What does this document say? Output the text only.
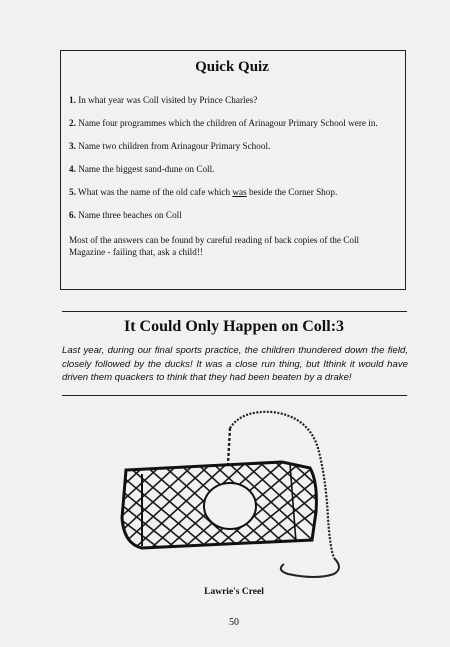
Quick Quiz

1. In what year was Coll visited by Prince Charles?

2. Name four programmes which the children of Arinagour Primary School were in.

3. Name two children from Arinagour Primary School.

4. Name the biggest sand-dune on Coll.

5. What was the name of the old cafe which was beside the Corner Shop.

6. Name three beaches on Coll

Most of the answers can be found by careful reading of back copies of the Coll Magazine - failing that, ask a child!!
It Could Only Happen on Coll:3
Last year, during our final sports practice, the children thundered down the field, closely followed by the ducks! It was a close run thing, but Ithink it would have driven them quackers to think that they had been beaten by a drake!
Lawrie's Creel
50
